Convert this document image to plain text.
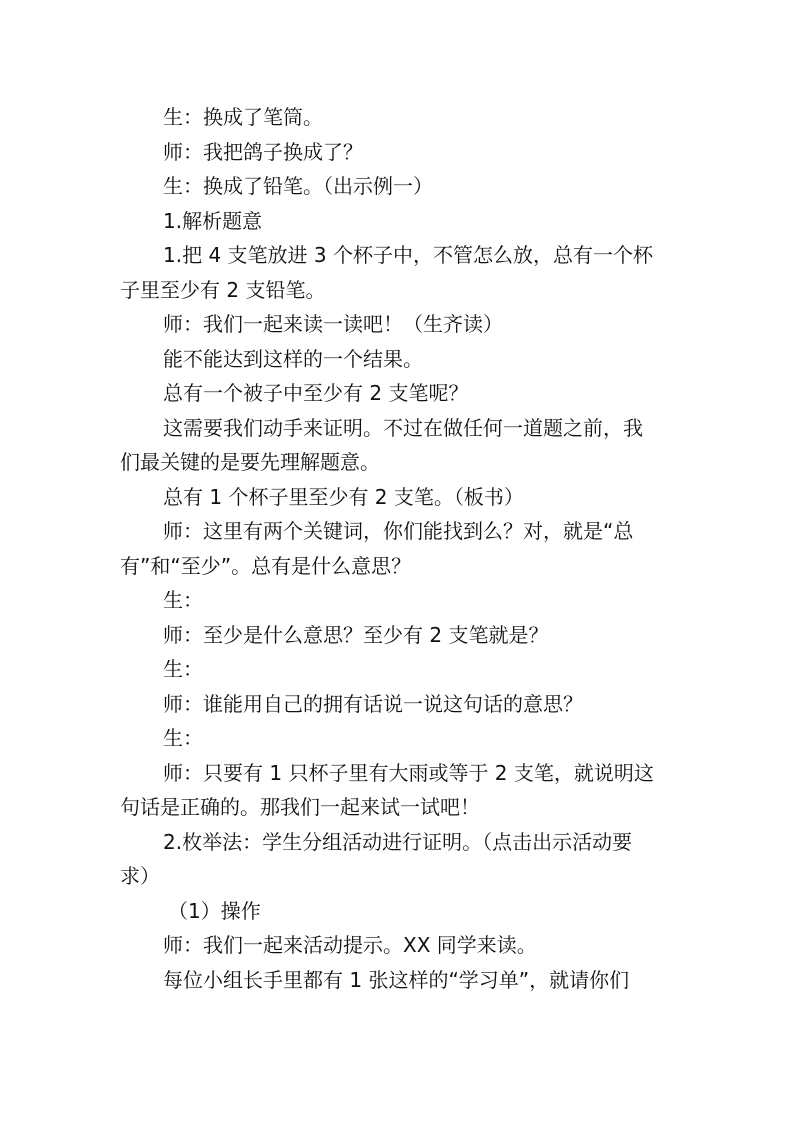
生：换成了笔筒。

师：我把鸽子换成了？

生：换成了铅笔。（出示例一）

1.解析题意

1.把 4 支笔放进 3 个杯子中，不管怎么放，总有一个杯

子里至少有 2 支铅笔。

师：我们一起来读一读吧！（生齐读）

能不能达到这样的一个结果。

总有一个被子中至少有 2 支笔呢？

这需要我们动手来证明。不过在做任何一道题之前，我

们最关键的是要先理解题意。

总有 1 个杯子里至少有 2 支笔。（板书）

师：这里有两个关键词，你们能找到么？对，就是“总

有”和“至少”。总有是什么意思？

生：

师：至少是什么意思？至少有 2 支笔就是？

生：

师：谁能用自己的拥有话说一说这句话的意思？

生：

师：只要有 1 只杯子里有大雨或等于 2 支笔，就说明这

句话是正确的。那我们一起来试一试吧！

2.枚举法：学生分组活动进行证明。（点击出示活动要

求）

（1）操作

师：我们一起来活动提示。XX 同学来读。

每位小组长手里都有 1 张这样的“学习单”，就请你们
